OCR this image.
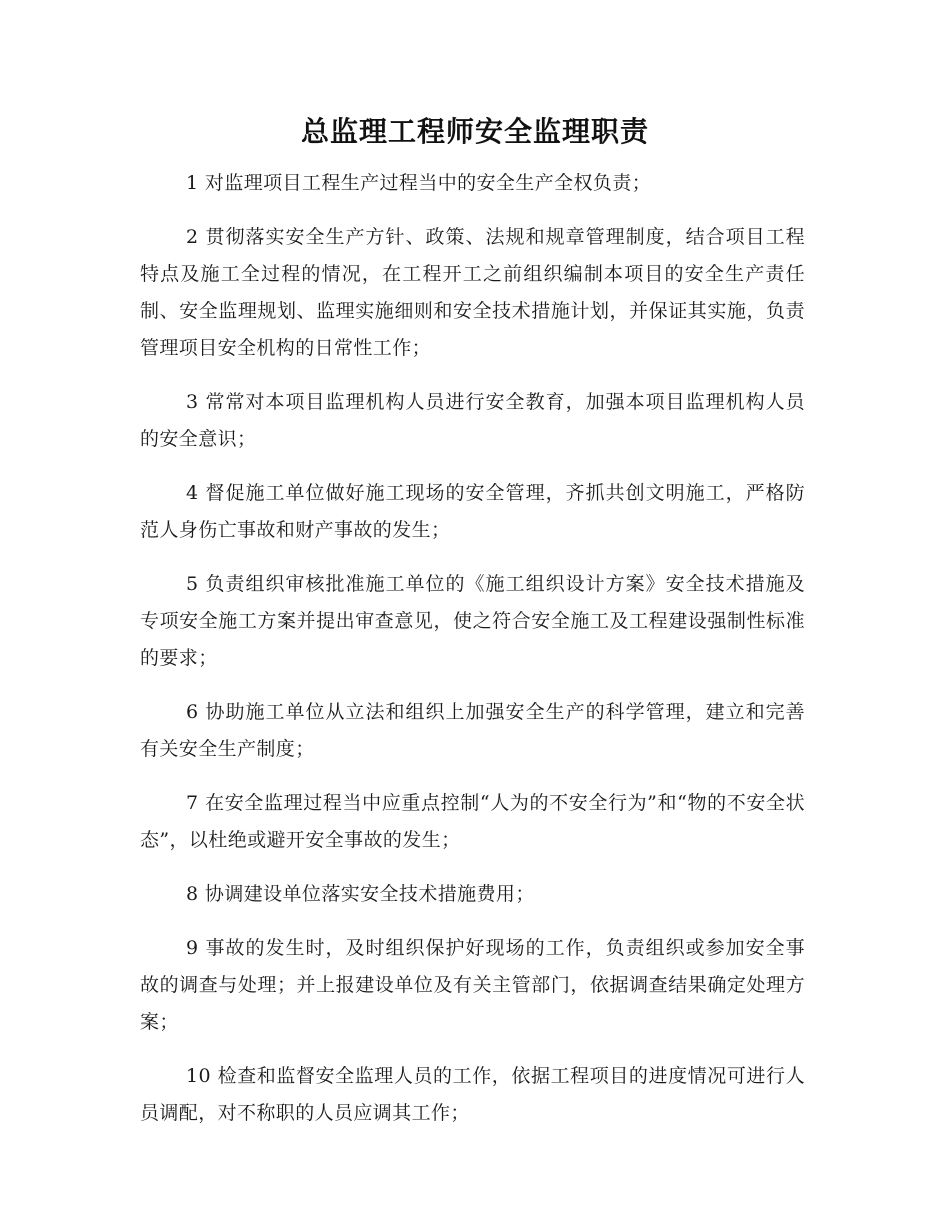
总监理工程师安全监理职责

1 对监理项目工程生产过程当中的安全生产全权负责；

2 贯彻落实安全生产方针、政策、法规和规章管理制度，结合项目工程特点及施工全过程的情况，在工程开工之前组织编制本项目的安全生产责任制、安全监理规划、监理实施细则和安全技术措施计划，并保证其实施，负责管理项目安全机构的日常性工作；

3 常常对本项目监理机构人员进行安全教育，加强本项目监理机构人员的安全意识；

4 督促施工单位做好施工现场的安全管理，齐抓共创文明施工，严格防范人身伤亡事故和财产事故的发生；

5 负责组织审核批准施工单位的《施工组织设计方案》安全技术措施及专项安全施工方案并提出审查意见，使之符合安全施工及工程建设强制性标准的要求；

6 协助施工单位从立法和组织上加强安全生产的科学管理，建立和完善有关安全生产制度；

7 在安全监理过程当中应重点控制“人为的不安全行为”和“物的不安全状态”，以杜绝或避开安全事故的发生；

8 协调建设单位落实安全技术措施费用；

9 事故的发生时，及时组织保护好现场的工作，负责组织或参加安全事故的调查与处理；并上报建设单位及有关主管部门，依据调查结果确定处理方案；

10 检查和监督安全监理人员的工作，依据工程项目的进度情况可进行人员调配，对不称职的人员应调其工作；
